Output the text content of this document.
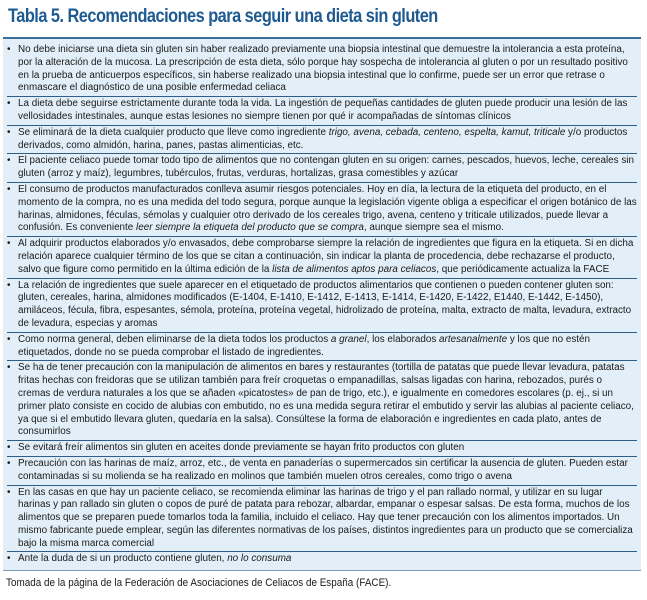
Tabla 5. Recomendaciones para seguir una dieta sin gluten
• No debe iniciarse una dieta sin gluten sin haber realizado previamente una biopsia intestinal que demuestre la intolerancia a esta proteína, por la alteración de la mucosa. La prescripción de esta dieta, sólo porque hay sospecha de intolerancia al gluten o por un resultado positivo en la prueba de anticuerpos específicos, sin haberse realizado una biopsia intestinal que lo confirme, puede ser un error que retrase o enmascare el diagnóstico de una posible enfermedad celiaca
• La dieta debe seguirse estrictamente durante toda la vida. La ingestión de pequeñas cantidades de gluten puede producir una lesión de las vellosidades intestinales, aunque estas lesiones no siempre tienen por qué ir acompañadas de síntomas clínicos
• Se eliminará de la dieta cualquier producto que lleve como ingrediente trigo, avena, cebada, centeno, espelta, kamut, triticale y/o productos derivados, como almidón, harina, panes, pastas alimenticias, etc.
• El paciente celiaco puede tomar todo tipo de alimentos que no contengan gluten en su origen: carnes, pescados, huevos, leche, cereales sin gluten (arroz y maíz), legumbres, tubérculos, frutas, verduras, hortalizas, grasa comestibles y azúcar
• El consumo de productos manufacturados conlleva asumir riesgos potenciales. Hoy en día, la lectura de la etiqueta del producto, en el momento de la compra, no es una medida del todo segura, porque aunque la legislación vigente obliga a especificar el origen botánico de las harinas, almidones, féculas, sémolas y cualquier otro derivado de los cereales trigo, avena, centeno y triticale utilizados, puede llevar a confusión. Es conveniente leer siempre la etiqueta del producto que se compra, aunque siempre sea el mismo.
• Al adquirir productos elaborados y/o envasados, debe comprobarse siempre la relación de ingredientes que figura en la etiqueta. Si en dicha relación aparece cualquier término de los que se citan a continuación, sin indicar la planta de procedencia, debe rechazarse el producto, salvo que figure como permitido en la última edición de la lista de alimentos aptos para celiacos, que periódicamente actualiza la FACE
• La relación de ingredientes que suele aparecer en el etiquetado de productos alimentarios que contienen o pueden contener gluten son: gluten, cereales, harina, almidones modificados (E-1404, E-1410, E-1412, E-1413, E-1414, E-1420, E-1422, E1440, E-1442, E-1450), amiláceos, fécula, fibra, espesantes, sémola, proteína, proteína vegetal, hidrolizado de proteína, malta, extracto de malta, levadura, extracto de levadura, especias y aromas
• Como norma general, deben eliminarse de la dieta todos los productos a granel, los elaborados artesanalmente y los que no estén etiquetados, donde no se pueda comprobar el listado de ingredientes.
• Se ha de tener precaución con la manipulación de alimentos en bares y restaurantes (tortilla de patatas que puede llevar levadura, patatas fritas hechas con freidoras que se utilizan también para freír croquetas o empanadillas, salsas ligadas con harina, rebozados, purés o cremas de verdura naturales a los que se añaden «picatostes» de pan de trigo, etc.), e igualmente en comedores escolares (p. ej., si un primer plato consiste en cocido de alubias con embutido, no es una medida segura retirar el embutido y servir las alubias al paciente celiaco, ya que si el embutido llevara gluten, quedaría en la salsa). Consúltese la forma de elaboración e ingredientes en cada plato, antes de consumirlos
• Se evitará freír alimentos sin gluten en aceites donde previamente se hayan frito productos con gluten
• Precaución con las harinas de maíz, arroz, etc., de venta en panaderías o supermercados sin certificar la ausencia de gluten. Pueden estar contaminadas si su molienda se ha realizado en molinos que también muelen otros cereales, como trigo o avena
• En las casas en que hay un paciente celiaco, se recomienda eliminar las harinas de trigo y el pan rallado normal, y utilizar en su lugar harinas y pan rallado sin gluten o copos de puré de patata para rebozar, albardar, empanar o espesar salsas. De esta forma, muchos de los alimentos que se preparen puede tomarlos toda la familia, incluido el celiaco. Hay que tener precaución con los alimentos importados. Un mismo fabricante puede emplear, según las diferentes normativas de los países, distintos ingredientes para un producto que se comercializa bajo la misma marca comercial
• Ante la duda de si un producto contiene gluten, no lo consuma
Tomada de la página de la Federación de Asociaciones de Celiacos de España (FACE).
